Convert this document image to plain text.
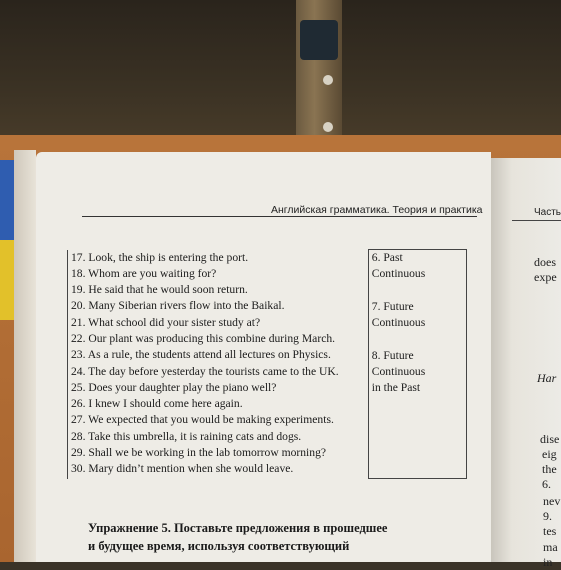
Английская грамматика. Теория и практика	Часть
17. Look, the ship is entering the port.
18. Whom are you waiting for?
19. He said that he would soon return.
20. Many Siberian rivers flow into the Baikal.
21. What school did your sister study at?
22. Our plant was producing this combine during March.
23. As a rule, the students attend all lectures on Physics.
24. The day before yesterday the tourists came to the UK.
25. Does your daughter play the piano well?
26. I knew I should come here again.
27. We expected that you would be making experiments.
28. Take this umbrella, it is raining cats and dogs.
29. Shall we be working in the lab tomorrow morning?
30. Mary didn’t mention when she would leave.

6. Past
Continuous
7. Future
Continuous
8. Future
Continuous
in the Past
Упражнение 5. Поставьте предложения в прошедшее
и будущее время, используя соответствующий
does
expe
Har
dise
eig
the
6.
nev
9.
tes
ma
in
